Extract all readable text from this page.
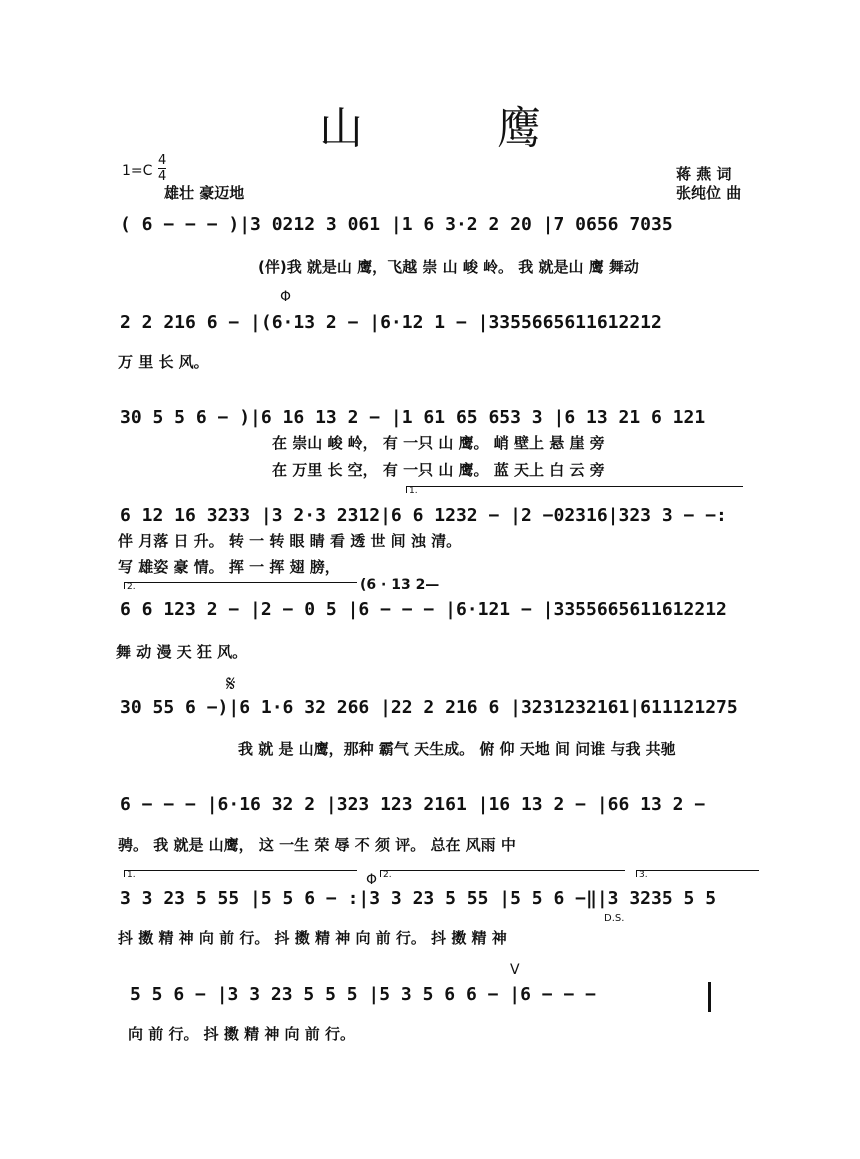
山 鹰
1=C
4
4
雄壮 豪迈地
蒋 燕 词
张纯位 曲
( 6 − − − )|3 0212 3 061 |1 6 3·2 2 20 |7 0656 7035
(伴)我 就是山 鹰，飞越 崇 山 峻 岭。 我 就是山 鹰 舞动
Φ
2 2 216 6 − |(6·13 2 − |6·12 1 − |3355665611612212
万 里 长 风。
30 5 5 6 − )|6 16 13 2 − |1 61 65 653 3 |6 13 21 6 121
在 崇山 峻 岭， 有 一只 山 鹰。 峭 壁上 悬 崖 旁
在 万里 长 空， 有 一只 山 鹰。 蓝 天上 白 云 旁
1.
6 12 16 3233 |3 2·3 2312|6 6 1232 − |2 −02316|323 3 − −:
伴 月落 日 升。 转 一 转 眼 睛 看 透 世 间 浊 清。
写 雄姿 豪 情。 挥 一 挥 翅 膀，
2.	(6 · 13 2—
6 6 123 2 − |2 − 0 5 |6 − − − |6·121 − |3355665611612212
舞 动 漫 天 狂 风。
𝄋
30 55 6 −)|6 1·6 32 266 |22 2 216 6 |3231232161|611121275
我 就 是 山鹰，那种 霸气 天生成。 俯 仰 天地 间 问谁 与我 共驰
6 − − − |6·16 32 2 |323 123 2161 |16 13 2 − |66 13 2 −
骋。 我 就是 山鹰， 这 一生 荣 辱 不 须 评。 总在 风雨 中
1.	2.	3.
Φ
3 3 23 5 55 |5 5 6 − :|3 3 23 5 55 |5 5 6 −‖|3 3235 5 5
D.S.
抖 擞 精 神 向 前 行。 抖 擞 精 神 向 前 行。 抖 擞 精 神
V
5 5 6 − |3 3 23 5 5 5 |5 3 5 6 6 − |6 − − −
向 前 行。 抖 擞 精 神 向 前 行。
